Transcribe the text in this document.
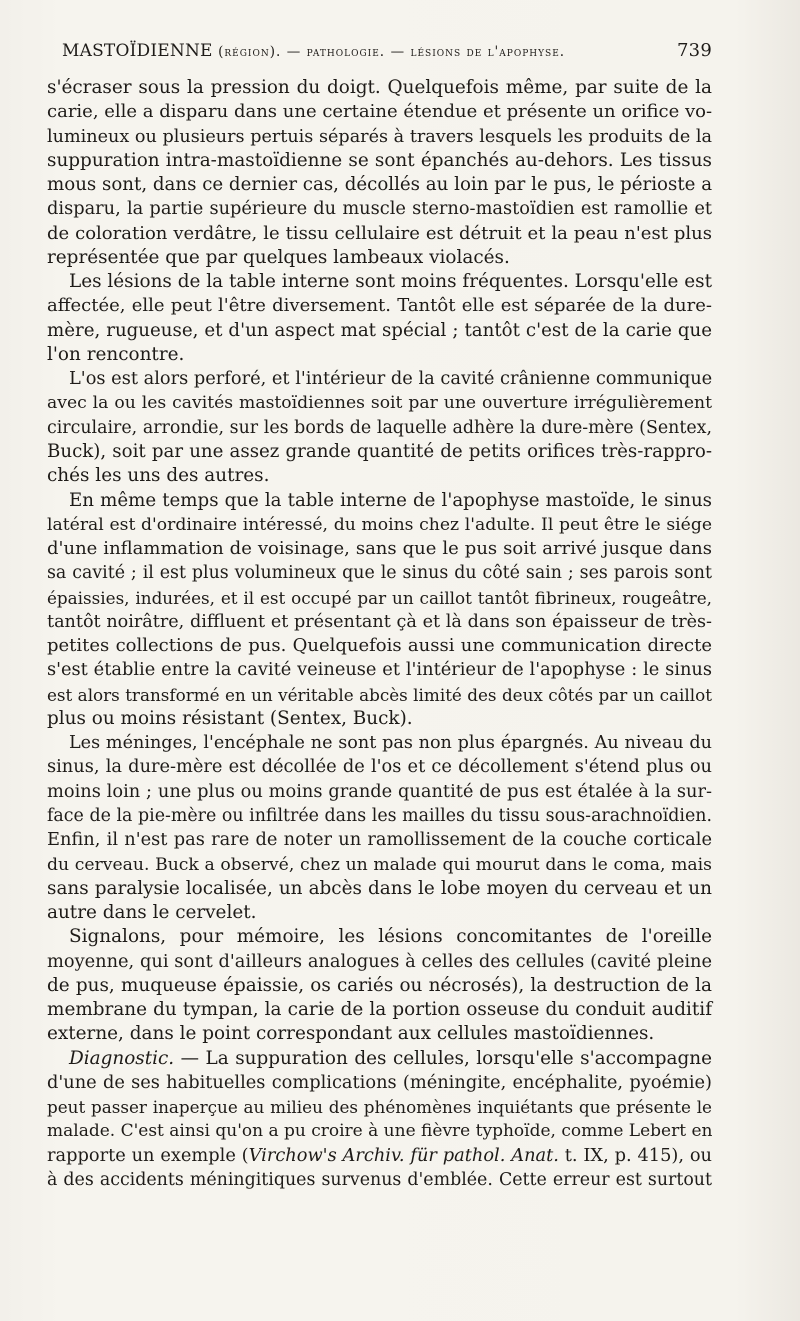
MASTOÏDIENNE (région). — pathologie. — lésions de l'apophyse.	739
s'écraser sous la pression du doigt. Quelquefois même, par suite de la
carie, elle a disparu dans une certaine étendue et présente un orifice vo-
lumineux ou plusieurs pertuis séparés à travers lesquels les produits de la
suppuration intra-mastoïdienne se sont épanchés au-dehors. Les tissus
mous sont, dans ce dernier cas, décollés au loin par le pus, le périoste a
disparu, la partie supérieure du muscle sterno-mastoïdien est ramollie et
de coloration verdâtre, le tissu cellulaire est détruit et la peau n'est plus
représentée que par quelques lambeaux violacés.
Les lésions de la table interne sont moins fréquentes. Lorsqu'elle est
affectée, elle peut l'être diversement. Tantôt elle est séparée de la dure-
mère, rugueuse, et d'un aspect mat spécial ; tantôt c'est de la carie que
l'on rencontre.
L'os est alors perforé, et l'intérieur de la cavité crânienne communique
avec la ou les cavités mastoïdiennes soit par une ouverture irrégulièrement
circulaire, arrondie, sur les bords de laquelle adhère la dure-mère (Sentex,
Buck), soit par une assez grande quantité de petits orifices très-rappro-
chés les uns des autres.
En même temps que la table interne de l'apophyse mastoïde, le sinus
latéral est d'ordinaire intéressé, du moins chez l'adulte. Il peut être le siége
d'une inflammation de voisinage, sans que le pus soit arrivé jusque dans
sa cavité ; il est plus volumineux que le sinus du côté sain ; ses parois sont
épaissies, indurées, et il est occupé par un caillot tantôt fibrineux, rougeâtre,
tantôt noirâtre, diffluent et présentant çà et là dans son épaisseur de très-
petites collections de pus. Quelquefois aussi une communication directe
s'est établie entre la cavité veineuse et l'intérieur de l'apophyse : le sinus
est alors transformé en un véritable abcès limité des deux côtés par un caillot
plus ou moins résistant (Sentex, Buck).
Les méninges, l'encéphale ne sont pas non plus épargnés. Au niveau du
sinus, la dure-mère est décollée de l'os et ce décollement s'étend plus ou
moins loin ; une plus ou moins grande quantité de pus est étalée à la sur-
face de la pie-mère ou infiltrée dans les mailles du tissu sous-arachnoïdien.
Enfin, il n'est pas rare de noter un ramollissement de la couche corticale
du cerveau. Buck a observé, chez un malade qui mourut dans le coma, mais
sans paralysie localisée, un abcès dans le lobe moyen du cerveau et un
autre dans le cervelet.
Signalons, pour mémoire, les lésions concomitantes de l'oreille
moyenne, qui sont d'ailleurs analogues à celles des cellules (cavité pleine
de pus, muqueuse épaissie, os cariés ou nécrosés), la destruction de la
membrane du tympan, la carie de la portion osseuse du conduit auditif
externe, dans le point correspondant aux cellules mastoïdiennes.
Diagnostic. — La suppuration des cellules, lorsqu'elle s'accompagne
d'une de ses habituelles complications (méningite, encéphalite, pyoémie)
peut passer inaperçue au milieu des phénomènes inquiétants que présente le
malade. C'est ainsi qu'on a pu croire à une fièvre typhoïde, comme Lebert en
rapporte un exemple (Virchow's Archiv. für pathol. Anat. t. IX, p. 415), ou
à des accidents méningitiques survenus d'emblée. Cette erreur est surtout
